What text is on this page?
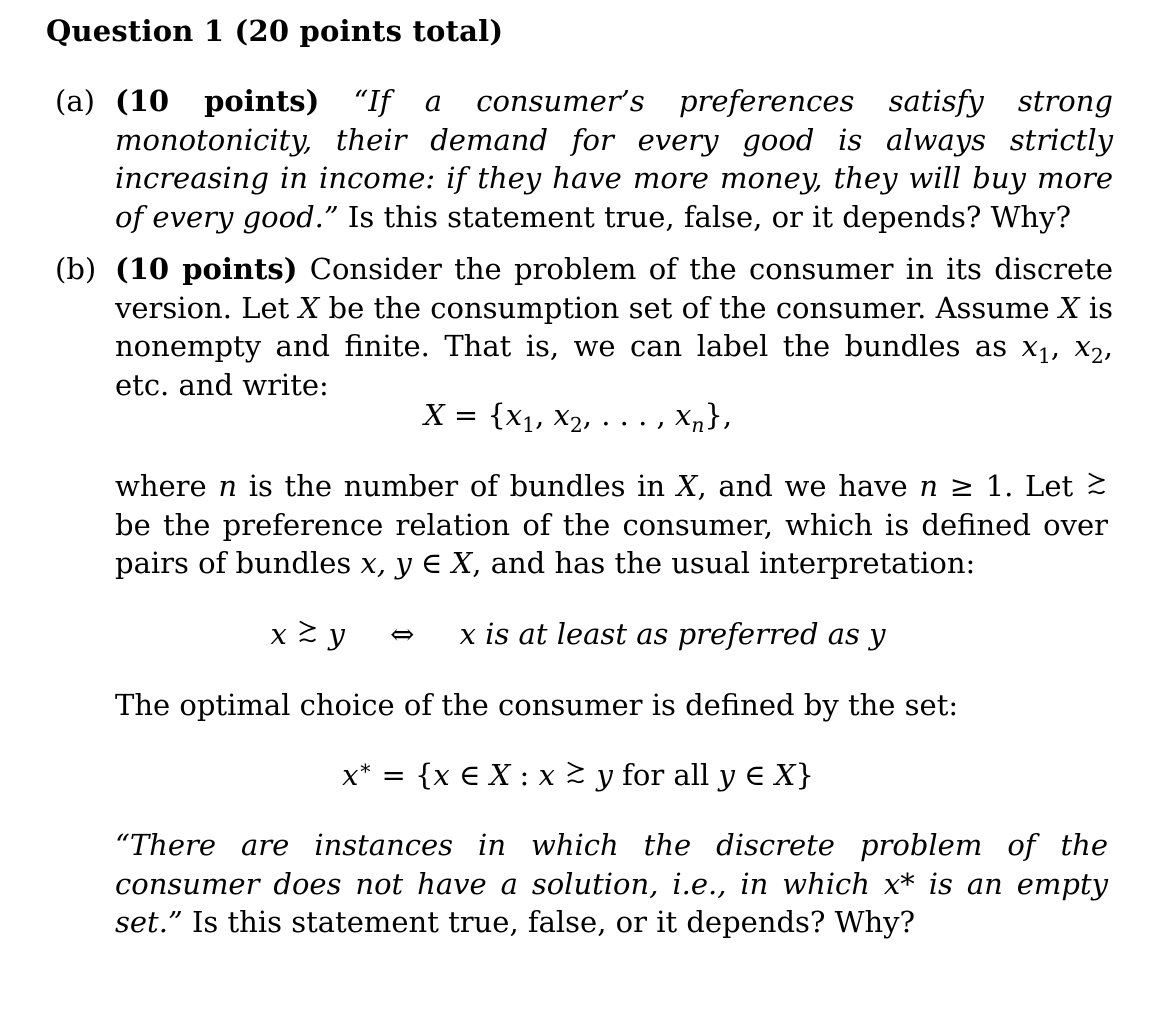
Question 1 (20 points total)
(a) (10 points) “If a consumer’s preferences satisfy strong monotonicity, their demand for every good is always strictly increasing in income: if they have more money, they will buy more of every good.” Is this statement true, false, or it depends? Why?
(b) (10 points) Consider the problem of the consumer in its discrete version. Let X be the consumption set of the consumer. Assume X is nonempty and finite. That is, we can label the bundles as $x_1$, $x_2$, etc. and write:
$X = \{x_1$, $x_2$, . . . , $x_n$},
where n is the number of bundles in X, and we have n ≥ 1. Let
be the preference relation of the consumer, which is defined over pairs of bundles x, y ∈ X, and has the usual interpretation:
x y ⇔ x is at least as preferred as y
The optimal choice of the consumer is defined by the set:
x∗ = {x ∈ X : x y for all y ∈ X}
“There are instances in which the discrete problem of the consumer does not have a solution, i.e., in which x* is an empty set.” Is this statement true, false, or it depends? Why?
